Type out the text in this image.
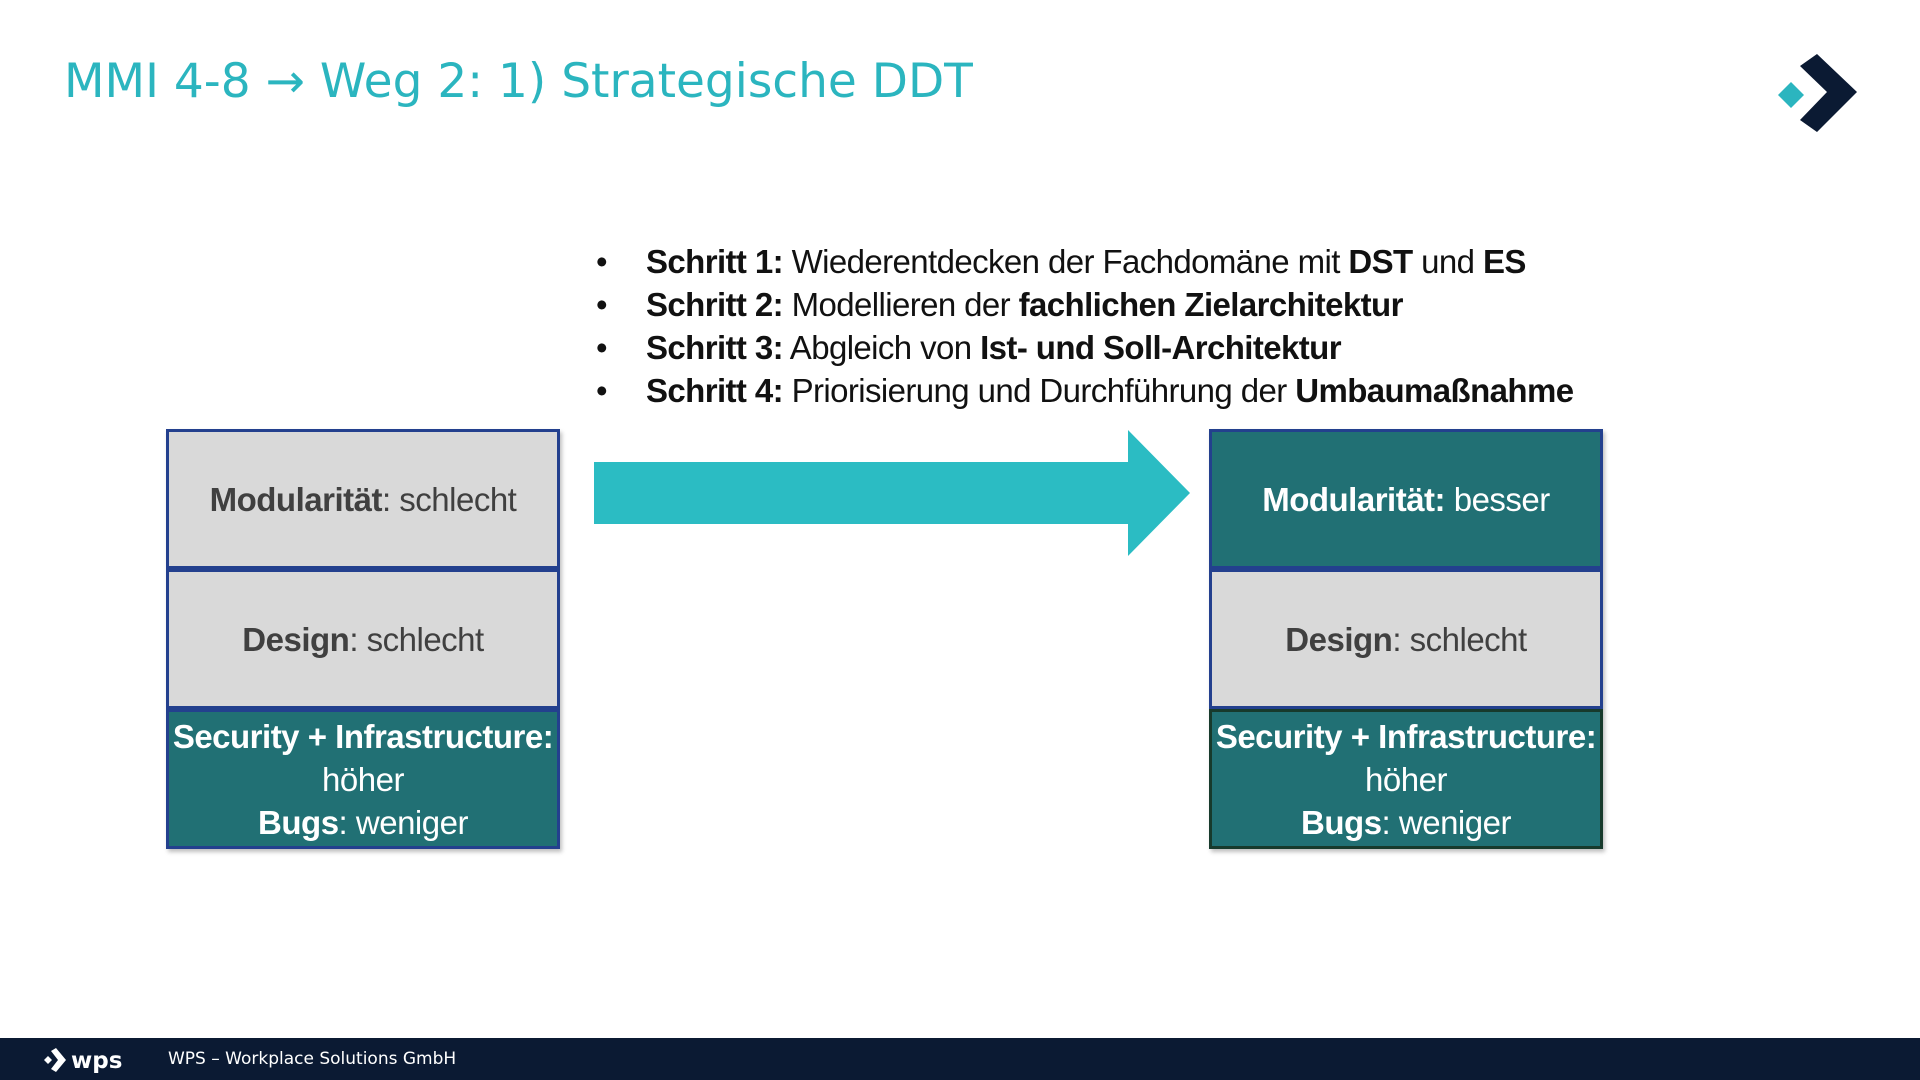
MMI 4-8 → Weg 2: 1) Strategische DDT
• Schritt 1: Wiederentdecken der Fachdomäne mit DST und ES
• Schritt 2: Modellieren der fachlichen Zielarchitektur
• Schritt 3: Abgleich von Ist- und Soll-Architektur
• Schritt 4: Priorisierung und Durchführung der Umbaumaßnahme
Modularität: schlecht
Design: schlecht
Security + Infrastructure:
höher
Bugs: weniger
Modularität: besser
Design: schlecht
Security + Infrastructure:
höher
Bugs: weniger
wps	WPS – Workplace Solutions GmbH
